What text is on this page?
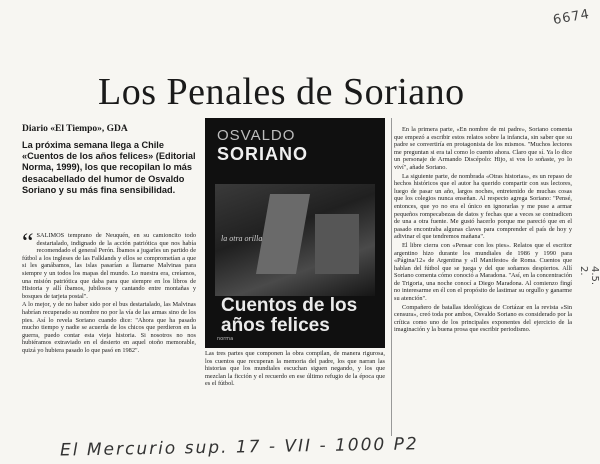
6674
Los Penales de Soriano
Diario «El Tiempo», GDA

La próxima semana llega a Chile «Cuentos de los años felices» (Editorial Norma, 1999), los que recopilan lo más desacabellado del humor de Osvaldo Soriano y su más fina sensibilidad.

“ SALIMOS temprano de Neuquén, en su camioncito todo destartalado, indignado de la acción patriótica que nos había recomendado el general Perón. Íbamos a jugarles un partido de fútbol a los ingleses de las Falklands y ellos se comprometían a que si les ganábamos, las islas pasarían a llamarse Malvinas para siempre y un todos los mapas del mundo. Lo nuestra era, creíamos, una misión patriótica que daba para que siempre en los libros de Historia y allí íbamos, jubilosos y cantando entre montañas y bosques de tarjeta postal".

A lo mejor, y de no haber sido por el bus destartalado, las Malvinas habrían recuperado su nombre no por la vía de las armas sino de los pies. Así lo revela Soriano cuando dice: "Ahora que ha pasado mucho tiempo y nadie se acuerda de los chicos que perdieron en la guerra, puedo contar esta vieja historia. Si nosotros no nos hubiéramos extraviado en el desierto en aquel otoño memorable, quizá yo hubiera pasado lo que pasó en 1982".

OSVALDO
SORIANO
la otra orilla
Cuentos de los años felices
norma

Las tres partes que componen la obra compilan, de manera rigurosa, los cuentos que recuperan la memoria del padre, los que narran las historias que los mundiales escuchan siguen negando, y los que mezclan la ficción y el recuerdo en ese último refugio de la época que es el fútbol.

En la primera parte, «En nombre de mi padre», Soriano comenta que empezó a escribir estos relatos sobre la infancia, sin saber que su padre se convertiría en protagonista de los mismos. "Muchos lectores me preguntan si era tal como lo cuento ahora. Claro que sí. Ya lo dice un personaje de Armando Discépolo: Hijo, si vos lo soñaste, yo lo viví", añade Soriano.

La siguiente parte, de nombrada «Otras historias», es un repaso de hechos históricos que el autor ha querido compartir con sus lectores, luego de pasar un año, largos noches, entretenido de muchas cosas que los colegios nunca enseñan. Al respecto agrega Soriano: "Pensé, entonces, que yo no era el único en ignorarlas y me puse a armar pequeños rompecabezas de datos y fechas que a veces se contradicen de una a otra fuente. Me gustó hacerlo porque me pareció que en el pasado encontraba algunas claves para comprender el país de hoy y adivinar el que tendremos mañana".

El libre cierra con «Pensar con los pies». Relatos que el escritor argentino hizo durante los mundiales de 1986 y 1990 para «Página/12» de Argentina y «Il Manifesto» de Roma. Cuentos que hablan del fútbol que se juega y del que soñamos despiertos. Allí Soriano comenta cómo conoció a Maradona. "Así, en la concentración de Trigoria, una noche conocí a Diego Maradona. Al comienzo fingí no interesarme en él con el propósito de lastimar su orgullo y ganarme su atención".

Compañero de batallas ideológicas de Cortázar en la revista «Sin censura», creó toda por ambos, Osvaldo Soriano es considerado por la crítica como uno de los principales exponentes del ejercicio de la imaginación y la buena prosa que escribir periodismo.

4.5. 2.
El Mercurio sup. 17 - VII - 1000 P2
